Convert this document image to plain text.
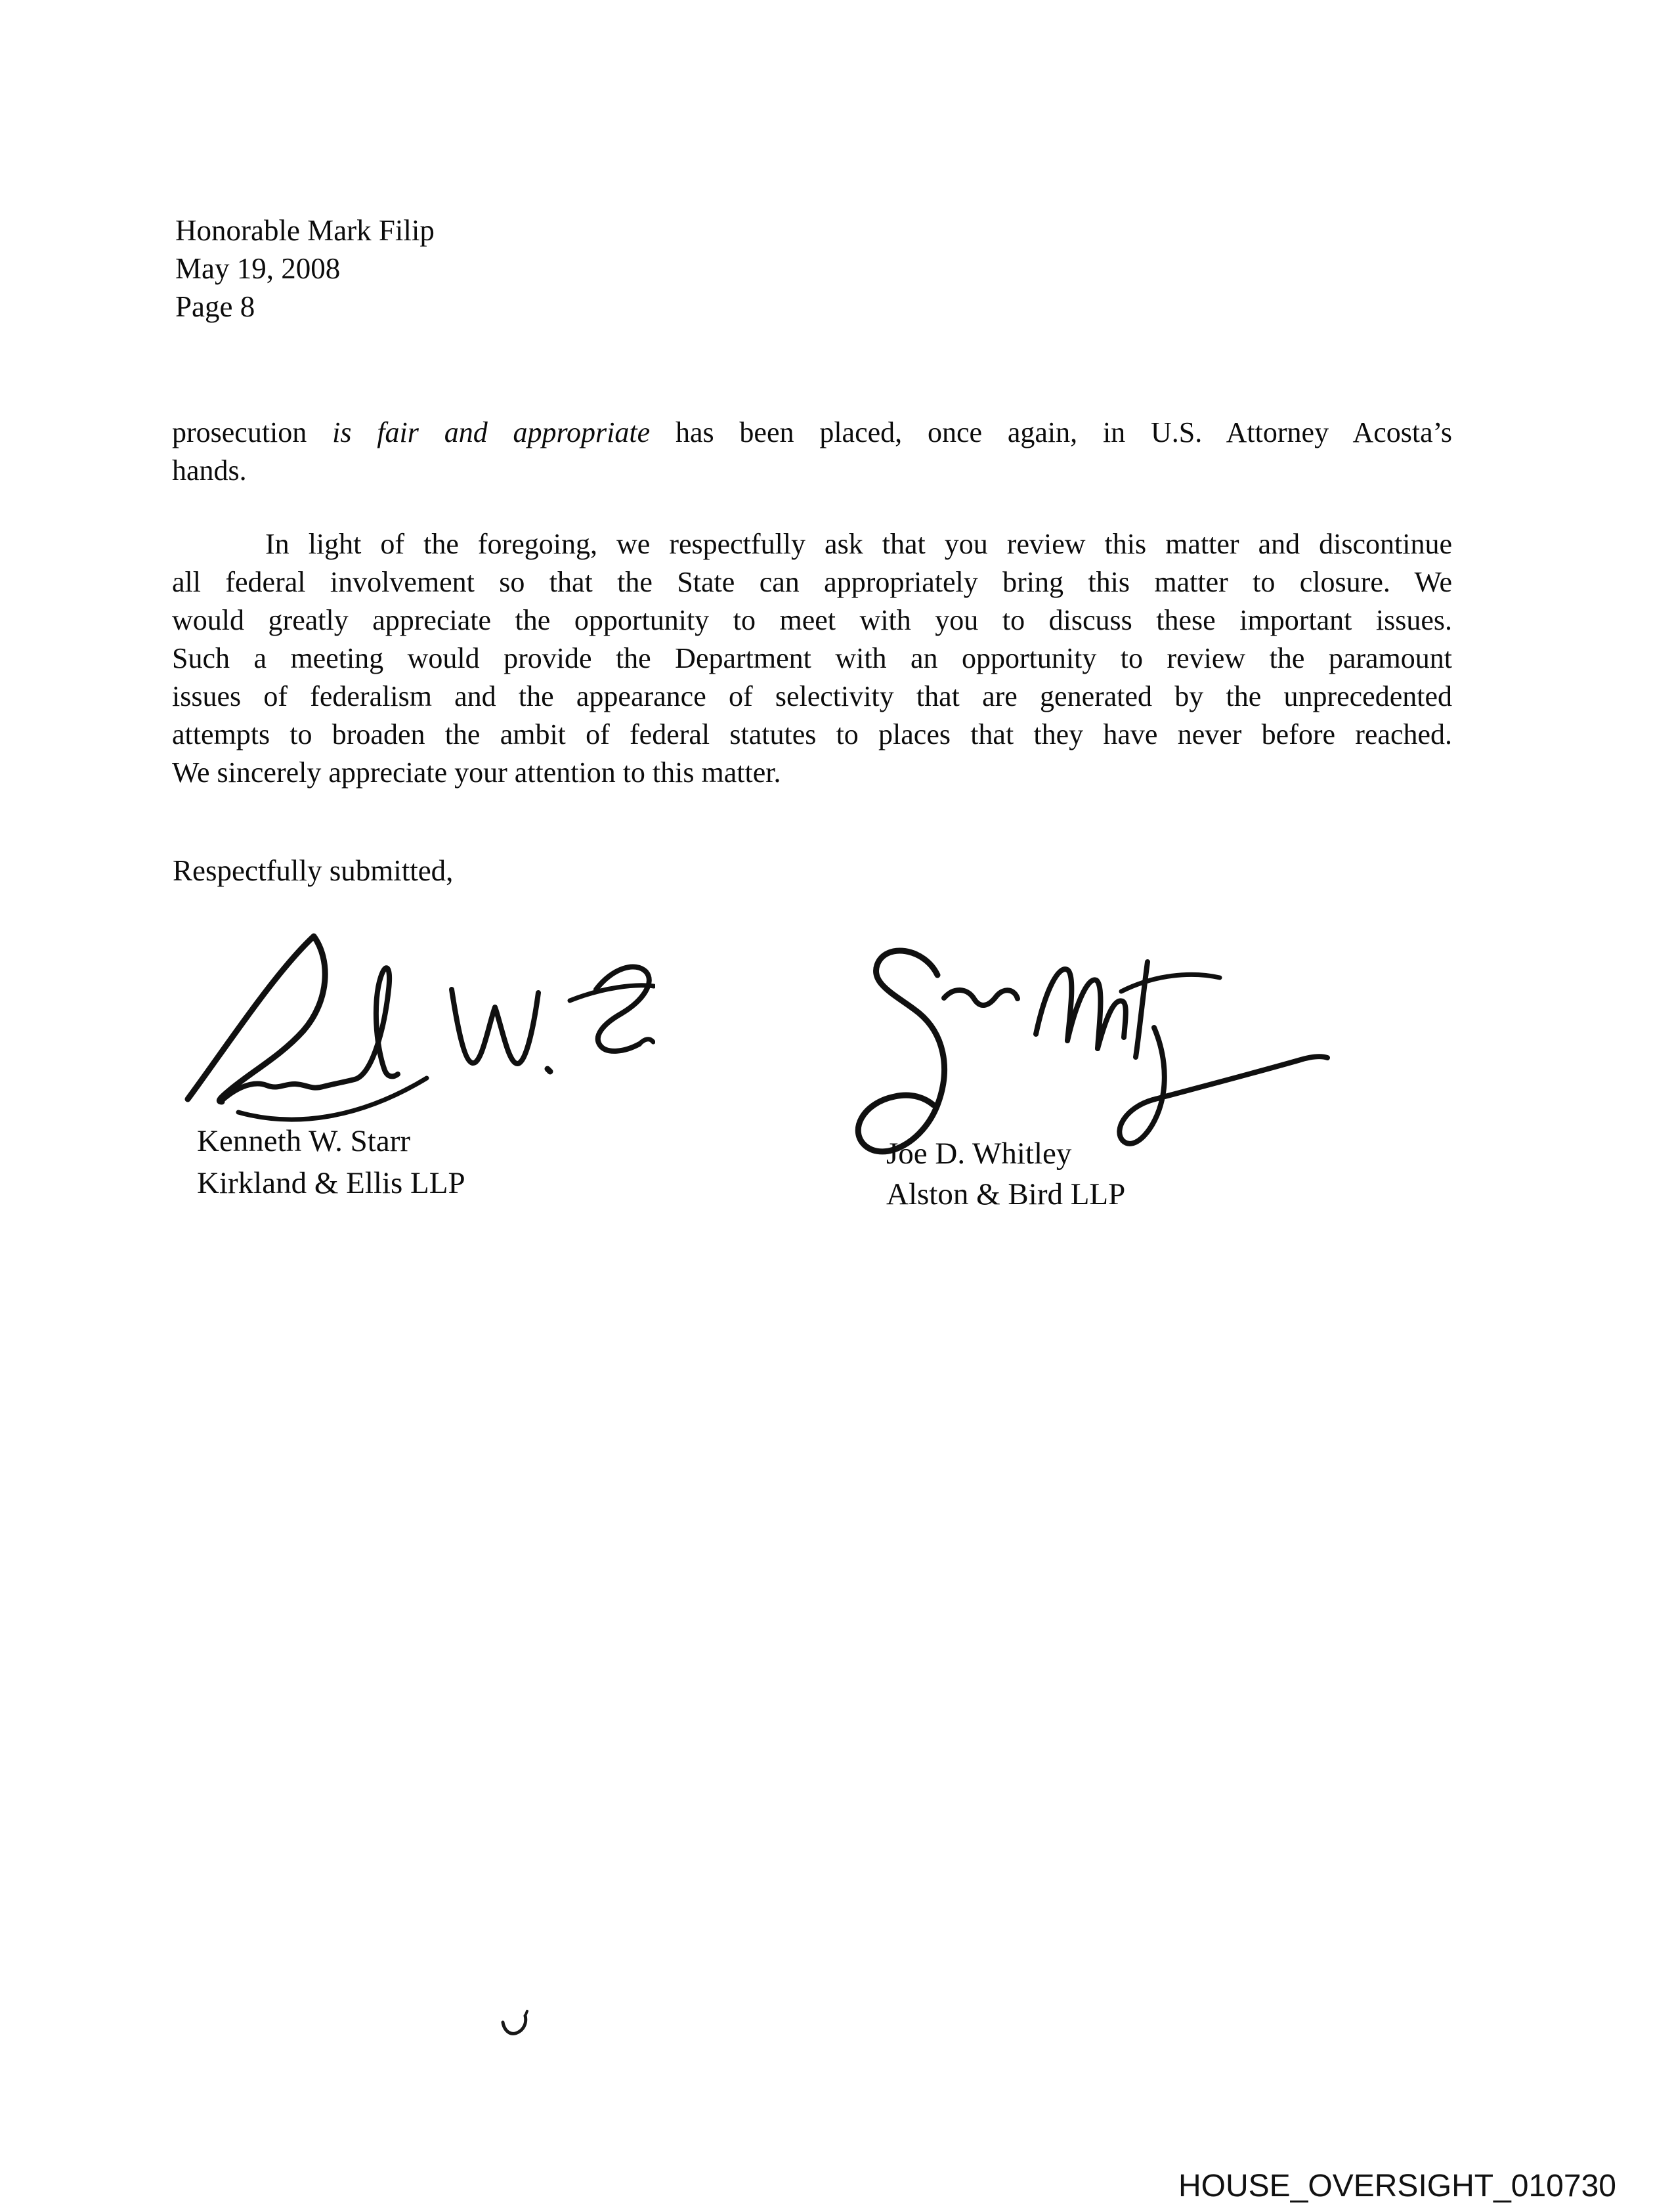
Honorable Mark Filip
May 19, 2008
Page 8
prosecution is fair and appropriate has been placed, once again, in U.S. Attorney Acosta’s
hands.
In light of the foregoing, we respectfully ask that you review this matter and discontinue
all federal involvement so that the State can appropriately bring this matter to closure. We
would greatly appreciate the opportunity to meet with you to discuss these important issues.
Such a meeting would provide the Department with an opportunity to review the paramount
issues of federalism and the appearance of selectivity that are generated by the unprecedented
attempts to broaden the ambit of federal statutes to places that they have never before reached.
We sincerely appreciate your attention to this matter.
Respectfully submitted,
Kenneth W. Starr
Kirkland & Ellis LLP
Joe D. Whitley
Alston & Bird LLP
HOUSE_OVERSIGHT_010730
